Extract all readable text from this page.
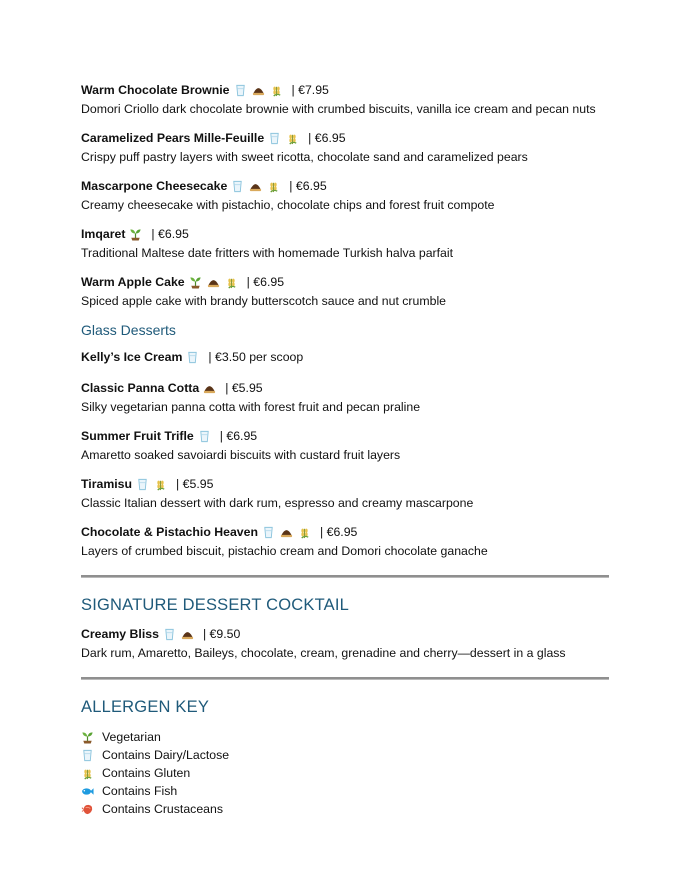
Warm Chocolate Brownie	| €7.95
Domori Criollo dark chocolate brownie with crumbed biscuits, vanilla ice cream and pecan nuts
Caramelized Pears Mille-Feuille	| €6.95
Crispy puff pastry layers with sweet ricotta, chocolate sand and caramelized pears
Mascarpone Cheesecake	| €6.95
Creamy cheesecake with pistachio, chocolate chips and forest fruit compote
Imqaret | €6.95
Traditional Maltese date fritters with homemade Turkish halva parfait
Warm Apple Cake	| €6.95
Spiced apple cake with brandy butterscotch sauce and nut crumble
Glass Desserts
Kelly’s Ice Cream | €3.50 per scoop
Classic Panna Cotta | €5.95
Silky vegetarian panna cotta with forest fruit and pecan praline
Summer Fruit Trifle | €6.95
Amaretto soaked savoiardi biscuits with custard fruit layers
Tiramisu	| €5.95
Classic Italian dessert with dark rum, espresso and creamy mascarpone
Chocolate & Pistachio Heaven	| €6.95
Layers of crumbed biscuit, pistachio cream and Domori chocolate ganache
SIGNATURE DESSERT COCKTAIL
Creamy Bliss	| €9.50
Dark rum, Amaretto, Baileys, chocolate, cream, grenadine and cherry—dessert in a glass
ALLERGEN KEY
Vegetarian
Contains Dairy/Lactose
Contains Gluten
Contains Fish
Contains Crustaceans
